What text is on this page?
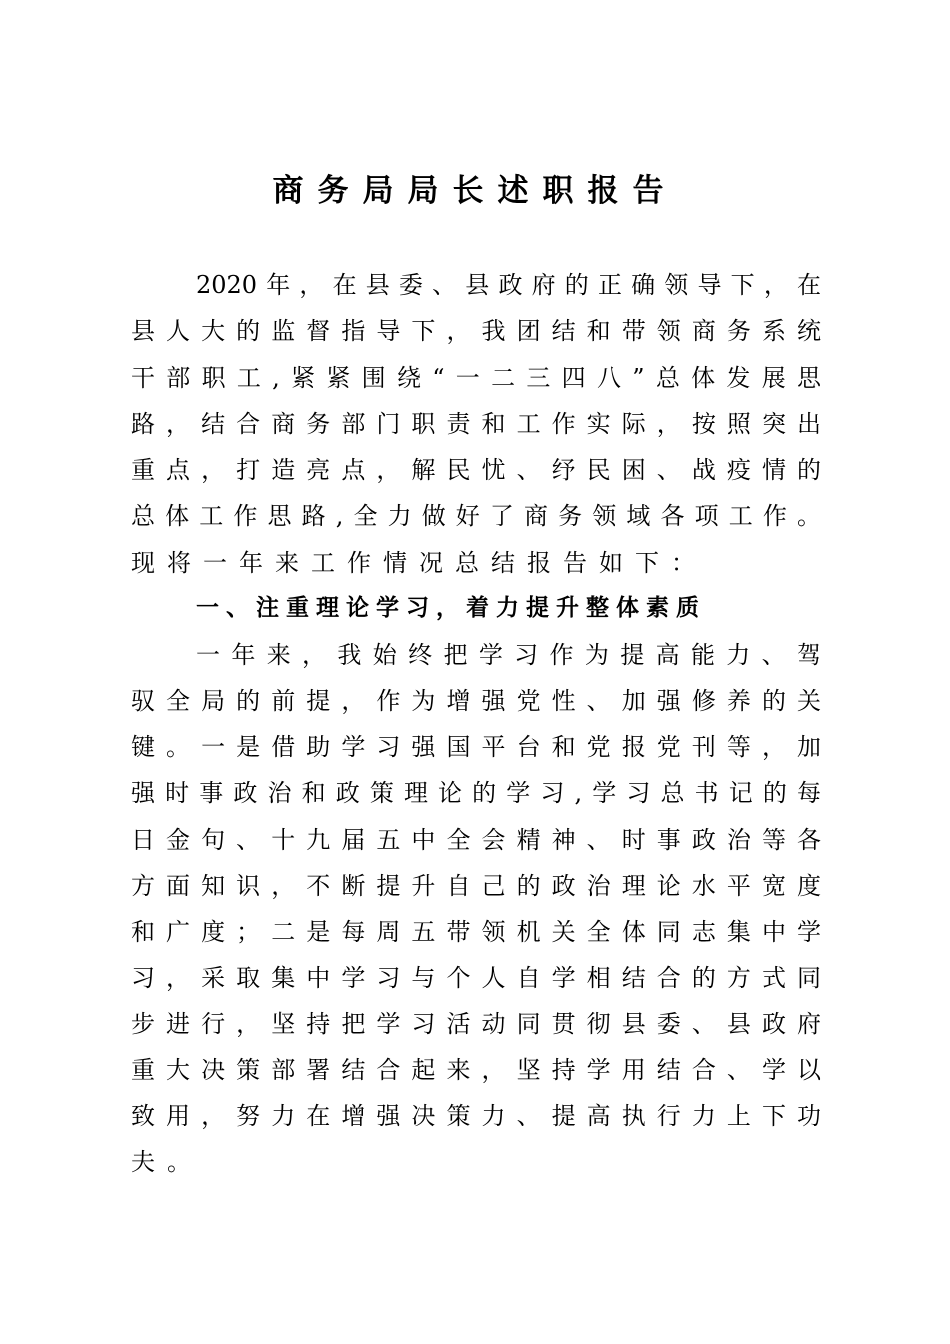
商务局局长述职报告

2020年，在县委、县政府的正确领导下，在

县人大的监督指导下，我团结和带领商务系统

干部职工,紧紧围绕“一二三四八”总体发展思

路，结合商务部门职责和工作实际，按照突出

重点，打造亮点，解民忧、纾民困、战疫情的

总体工作思路,全力做好了商务领域各项工作。

现将一年来工作情况总结报告如下：

一、注重理论学习，着力提升整体素质

一年来，我始终把学习作为提高能力、驾

驭全局的前提，作为增强党性、加强修养的关

键。一是借助学习强国平台和党报党刊等，加

强时事政治和政策理论的学习,学习总书记的每

日金句、十九届五中全会精神、时事政治等各

方面知识，不断提升自己的政治理论水平宽度

和广度；二是每周五带领机关全体同志集中学

习，采取集中学习与个人自学相结合的方式同

步进行，坚持把学习活动同贯彻县委、县政府

重大决策部署结合起来，坚持学用结合、学以

致用，努力在增强决策力、提高执行力上下功

夫。
